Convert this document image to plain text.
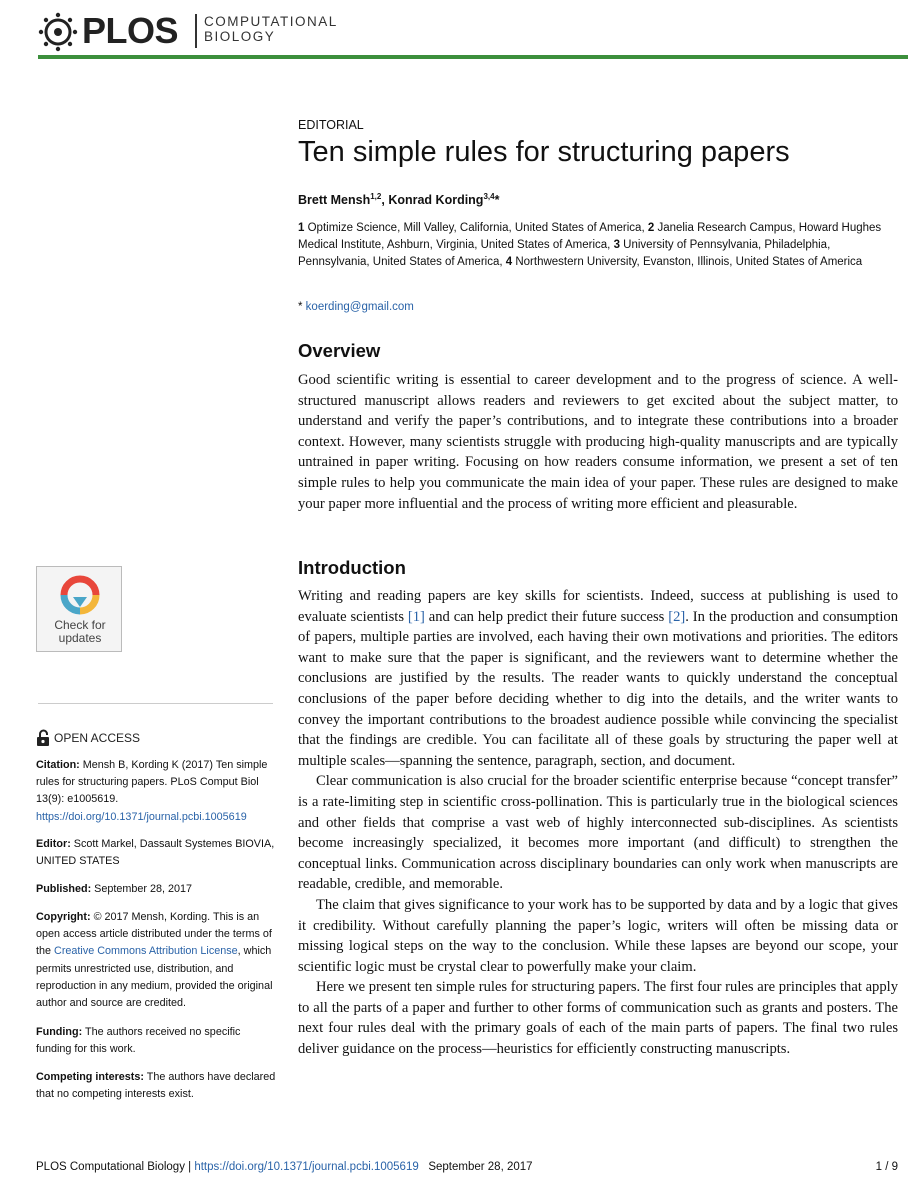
PLOS COMPUTATIONAL
BIOLOGY
EDITORIAL
Ten simple rules for structuring papers
Brett Mensh$^{1,2}$, Konrad Kording$^{3,4}$*
1 Optimize Science, Mill Valley, California, United States of America, 2 Janelia Research Campus, Howard Hughes Medical Institute, Ashburn, Virginia, United States of America, 3 University of Pennsylvania, Philadelphia, Pennsylvania, United States of America, 4 Northwestern University, Evanston, Illinois, United States of America
* koerding@gmail.com
Overview

Good scientific writing is essential to career development and to the progress of science. A well-structured manuscript allows readers and reviewers to get excited about the subject matter, to understand and verify the paper’s contributions, and to integrate these contributions into a broader context. However, many scientists struggle with producing high-quality manuscripts and are typically untrained in paper writing. Focusing on how readers consume information, we present a set of ten simple rules to help you communicate the main idea of your paper. These rules are designed to make your paper more influential and the process of writing more efficient and pleasurable.

Introduction

Writing and reading papers are key skills for scientists. Indeed, success at publishing is used to evaluate scientists [1] and can help predict their future success [2]. In the production and consumption of papers, multiple parties are involved, each having their own motivations and priorities. The editors want to make sure that the paper is significant, and the reviewers want to determine whether the conclusions are justified by the results. The reader wants to quickly understand the conceptual conclusions of the paper before deciding whether to dig into the details, and the writer wants to convey the important contributions to the broadest audience possible while convincing the specialist that the findings are credible. You can facilitate all of these goals by structuring the paper well at multiple scales—spanning the sentence, paragraph, section, and document.

Clear communication is also crucial for the broader scientific enterprise because “concept transfer” is a rate-limiting step in scientific cross-pollination. This is particularly true in the biological sciences and other fields that comprise a vast web of highly interconnected sub-disciplines. As scientists become increasingly specialized, it becomes more important (and difficult) to strengthen the conceptual links. Communication across disciplinary boundaries can only work when manuscripts are readable, credible, and memorable.

The claim that gives significance to your work has to be supported by data and by a logic that gives it credibility. Without carefully planning the paper’s logic, writers will often be missing data or missing logical steps on the way to the conclusion. While these lapses are beyond our scope, your scientific logic must be crystal clear to powerfully make your claim.

Here we present ten simple rules for structuring papers. The first four rules are principles that apply to all the parts of a paper and further to other forms of communication such as grants and posters. The next four rules deal with the primary goals of each of the main parts of papers. The final two rules deliver guidance on the process—heuristics for efficiently constructing manuscripts.

Check for
updates
OPEN ACCESS

Citation: Mensh B, Kording K (2017) Ten simple rules for structuring papers. PLoS Comput Biol 13(9): e1005619. https://doi.org/10.1371/journal.pcbi.1005619

Editor: Scott Markel, Dassault Systemes BIOVIA, UNITED STATES

Published: September 28, 2017

Copyright: © 2017 Mensh, Kording. This is an open access article distributed under the terms of the Creative Commons Attribution License, which permits unrestricted use, distribution, and reproduction in any medium, provided the original author and source are credited.

Funding: The authors received no specific funding for this work.

Competing interests: The authors have declared that no competing interests exist.

PLOS Computational Biology | https://doi.org/10.1371/journal.pcbi.1005619   September 28, 2017	1 / 9
